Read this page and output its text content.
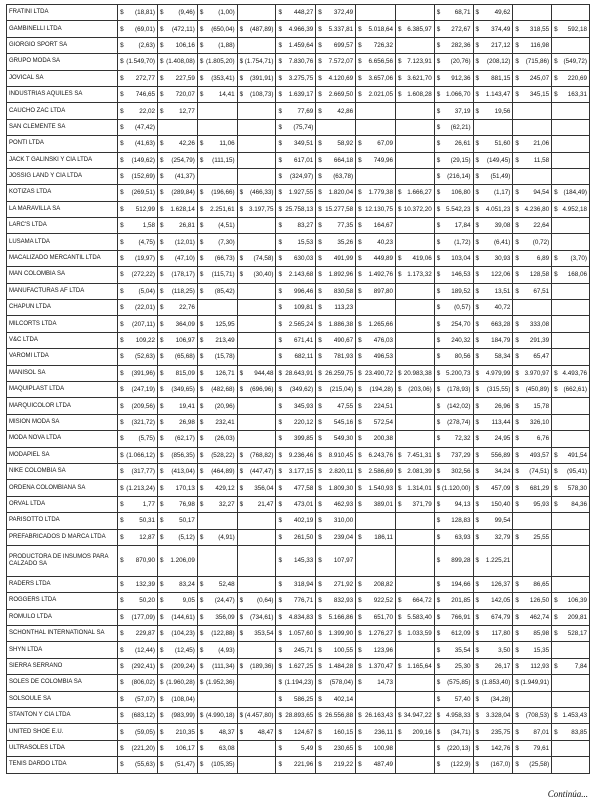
FRATINI LTDA	$ (18,81)	$ (9,46)	$ (1,00)		$ 448,27	$ 372,49			$ 68,71	$ 49,62		
GAMBINELLI LTDA	$ (69,01)	$ (472,11)	$ (650,04)	$ (487,89)	$ 4.966,39	$ 5.337,81	$ 5.018,64	$ 6.385,97	$ 272,67	$ 374,49	$ 318,55	$ 592,18
GIORGIO SPORT SA	$ (2,63)	$ 106,16	$ (1,88)		$ 1.459,64	$ 699,57	$ 726,32		$ 282,36	$ 217,12	$ 116,98	
GRUPO MODA SA	$ (1.549,70)	$ (1.408,08)	$ (1.805,20)	$ (1.754,71)	$ 7.830,76	$ 7.572,07	$ 6.656,56	$ 7.123,91	$ (20,76)	$ (208,12)	$ (715,86)	$ (549,72)
JOVICAL SA	$ 272,77	$ 227,59	$ (353,41)	$ (391,91)	$ 3.275,75	$ 4.120,69	$ 3.657,06	$ 3.621,70	$ 912,36	$ 881,15	$ 245,07	$ 220,69
INDUSTRIAS AQUILES SA	$ 746,65	$ 720,07	$ 14,41	$ (108,73)	$ 1.639,17	$ 2.669,50	$ 2.021,05	$ 1.608,28	$ 1.066,70	$ 1.143,47	$ 345,15	$ 163,31
CAUCHO ZAC LTDA	$ 22,02	$ 12,77			$ 77,69	$ 42,86			$ 37,19	$ 19,56		
SAN CLEMENTE SA	$ (47,42)				$ (75,74)				$ (62,21)			
PONTI LTDA	$ (41,63)	$ 42,26	$ 11,06		$ 349,51	$ 58,92	$ 67,09		$ 26,61	$ 51,60	$ 21,06	
JACK T GALINSKI Y CIA LTDA	$ (149,62)	$ (254,79)	$ (111,15)		$ 617,01	$ 664,18	$ 749,96		$ (29,15)	$ (149,45)	$ 11,58	
JOSSIG LAND Y CIA LTDA	$ (152,69)	$ (41,37)			$ (324,97)	$ (63,78)			$ (216,14)	$ (51,49)		
KOTIZAS LTDA	$ (269,51)	$ (289,84)	$ (196,66)	$ (466,33)	$ 1.927,55	$ 1.820,04	$ 1.779,38	$ 1.666,27	$ 106,80	$ (1,17)	$ 94,54	$ (184,49)
LA MARAVILLA SA	$ 512,99	$ 1.628,14	$ 2.251,61	$ 3.197,75	$ 25.758,13	$ 15.277,58	$ 12.130,75	$ 10.372,20	$ 5.542,23	$ 4.051,23	$ 4.236,80	$ 4.952,18
LARC'S LTDA	$ 1,58	$ 26,81	$ (4,51)		$ 83,27	$ 77,35	$ 164,67		$ 17,84	$ 39,08	$ 22,64	
LUSAMA LTDA	$ (4,75)	$ (12,01)	$ (7,30)		$ 15,53	$ 35,26	$ 40,23		$ (1,72)	$ (6,41)	$ (0,72)	
MACALIZADO MERCANTIL LTDA	$ (19,97)	$ (47,10)	$ (66,73)	$ (74,58)	$ 630,03	$ 491,99	$ 449,89	$ 419,06	$ 103,04	$ 30,93	$ 6,89	$ (3,70)
MAN COLOMBIA SA	$ (272,22)	$ (178,17)	$ (115,71)	$ (30,40)	$ 2.143,68	$ 1.892,96	$ 1.492,76	$ 1.173,32	$ 146,53	$ 122,06	$ 128,58	$ 168,06
MANUFACTURAS AF LTDA	$ (5,04)	$ (118,25)	$ (85,42)		$ 996,46	$ 830,58	$ 897,80		$ 189,52	$ 13,51	$ 67,51	
CHAPUN LTDA	$ (22,01)	$ 22,76			$ 109,81	$ 113,23			$ (0,57)	$ 40,72		
MILCORTS LTDA	$ (207,11)	$ 364,09	$ 125,95		$ 2.565,24	$ 1.886,38	$ 1.265,66		$ 254,70	$ 663,28	$ 333,08	
V&C LTDA	$ 109,22	$ 106,97	$ 213,49		$ 671,41	$ 490,67	$ 476,03		$ 240,32	$ 184,79	$ 291,39	
VAROMI LTDA	$ (52,63)	$ (65,68)	$ (15,78)		$ 682,11	$ 781,93	$ 496,53		$ 80,56	$ 58,34	$ 65,47	
MANISOL SA	$ (391,96)	$ 815,09	$ 126,71	$ 944,48	$ 28.643,91	$ 26.259,75	$ 23.490,72	$ 20.983,38	$ 5.200,73	$ 4.979,99	$ 3.970,97	$ 4.493,76
MAQUIPLAST LTDA	$ (247,19)	$ (349,65)	$ (482,68)	$ (696,96)	$ (349,62)	$ (215,04)	$ (194,28)	$ (203,06)	$ (178,93)	$ (315,55)	$ (450,89)	$ (662,61)
MARQUICOLOR LTDA	$ (209,56)	$ 19,41	$ (20,96)		$ 345,93	$ 47,55	$ 224,51		$ (142,02)	$ 26,96	$ 15,78	
MISION MODA SA	$ (321,72)	$ 26,98	$ 232,41		$ 220,12	$ 545,16	$ 572,54		$ (278,74)	$ 113,44	$ 326,10	
MODA NOVA LTDA	$ (5,75)	$ (62,17)	$ (26,03)		$ 399,85	$ 549,30	$ 200,38		$ 72,32	$ 24,95	$ 6,76	
MODAPIEL SA	$ (1.066,12)	$ (856,35)	$ (528,22)	$ (768,82)	$ 9.236,46	$ 8.910,45	$ 6.243,76	$ 7.451,31	$ 737,29	$ 556,89	$ 493,57	$ 491,54
NIKE COLOMBIA SA	$ (317,77)	$ (413,04)	$ (464,89)	$ (447,47)	$ 3.177,15	$ 2.820,11	$ 2.586,69	$ 2.081,39	$ 302,56	$ 34,24	$ (74,51)	$ (95,41)
ORDENA COLOMBIANA SA	$ (1.213,24)	$ 170,13	$ 429,12	$ 356,04	$ 477,58	$ 1.809,30	$ 1.540,93	$ 1.314,01	$ (1.120,00)	$ 457,09	$ 681,29	$ 578,30
ORVAL LTDA	$ 1,77	$ 76,98	$ 32,27	$ 21,47	$ 473,01	$ 462,93	$ 389,01	$ 371,79	$ 94,13	$ 150,40	$ 95,93	$ 84,36
PARISOTTO LTDA	$ 50,31	$ 50,17			$ 402,19	$ 310,00			$ 128,83	$ 99,54		
PREFABRICADOS D MARCA LTDA	$ 12,87	$ (5,12)	$ (4,91)		$ 261,50	$ 239,04	$ 186,11		$ 63,93	$ 32,79	$ 25,55	
PRODUCTORA DE INSUMOS PARA CALZADO SA	$ 870,90	$ 1.206,09			$ 145,33	$ 107,97			$ 899,28	$ 1.225,21		
RADERS LTDA	$ 132,39	$ 83,24	$ 52,48		$ 318,94	$ 271,92	$ 208,82		$ 194,66	$ 126,37	$ 86,65	
ROGGERS LTDA	$ 50,20	$ 9,05	$ (24,47)	$ (0,64)	$ 776,71	$ 832,93	$ 922,52	$ 664,72	$ 201,85	$ 142,05	$ 126,50	$ 106,39
ROMULO LTDA	$ (177,09)	$ (144,61)	$ 356,09	$ (734,61)	$ 4.834,83	$ 5.166,86	$ 651,70	$ 5.583,40	$ 766,91	$ 674,79	$ 462,74	$ 209,81
SCHONTHAL INTERNATIONAL SA	$ 229,87	$ (104,23)	$ (122,88)	$ 353,54	$ 1.057,60	$ 1.399,90	$ 1.276,27	$ 1.033,59	$ 612,09	$ 117,80	$ 85,98	$ 528,17
SHYN LTDA	$ (12,44)	$ (12,45)	$ (4,93)		$ 245,71	$ 100,55	$ 123,96		$ 35,54	$ 3,50	$ 15,35	
SIERRA SERRANO	$ (292,41)	$ (209,24)	$ (111,34)	$ (189,36)	$ 1.627,25	$ 1.484,28	$ 1.370,47	$ 1.165,64	$ 25,30	$ 26,17	$ 112,93	$ 7,84
SOLES DE COLOMBIA SA	$ (806,02)	$ (1.960,28)	$ (1.952,36)		$ (1.194,23)	$ (578,04)	$ 14,73		$ (575,85)	$ (1.853,40)	$ (1.949,91)	
SOLSOULE SA	$ (57,07)	$ (108,04)			$ 586,25	$ 402,14			$ 57,40	$ (34,28)		
STANTON Y CIA LTDA	$ (683,12)	$ (983,99)	$ (4.990,18)	$ (4.457,80)	$ 28.893,65	$ 26.556,88	$ 26.163,43	$ 34.947,22	$ 4.958,33	$ 3.328,04	$ (708,53)	$ 1.453,43
UNITED SHOE E.U.	$ (59,05)	$ 210,35	$ 48,37	$ 48,47	$ 124,67	$ 160,15	$ 236,11	$ 209,16	$ (34,71)	$ 235,75	$ 87,01	$ 83,85
ULTRASOLES LTDA	$ (221,20)	$ 106,17	$ 63,08		$ 5,49	$ 230,65	$ 100,98		$ (220,13)	$ 142,76	$ 79,61	
TENIS DARDO LTDA	$ (55,63)	$ (51,47)	$ (105,35)		$ 221,96	$ 219,22	$ 487,49		$ (122,9)	$ (167,0)	$ (25,58)	
Continúa...
